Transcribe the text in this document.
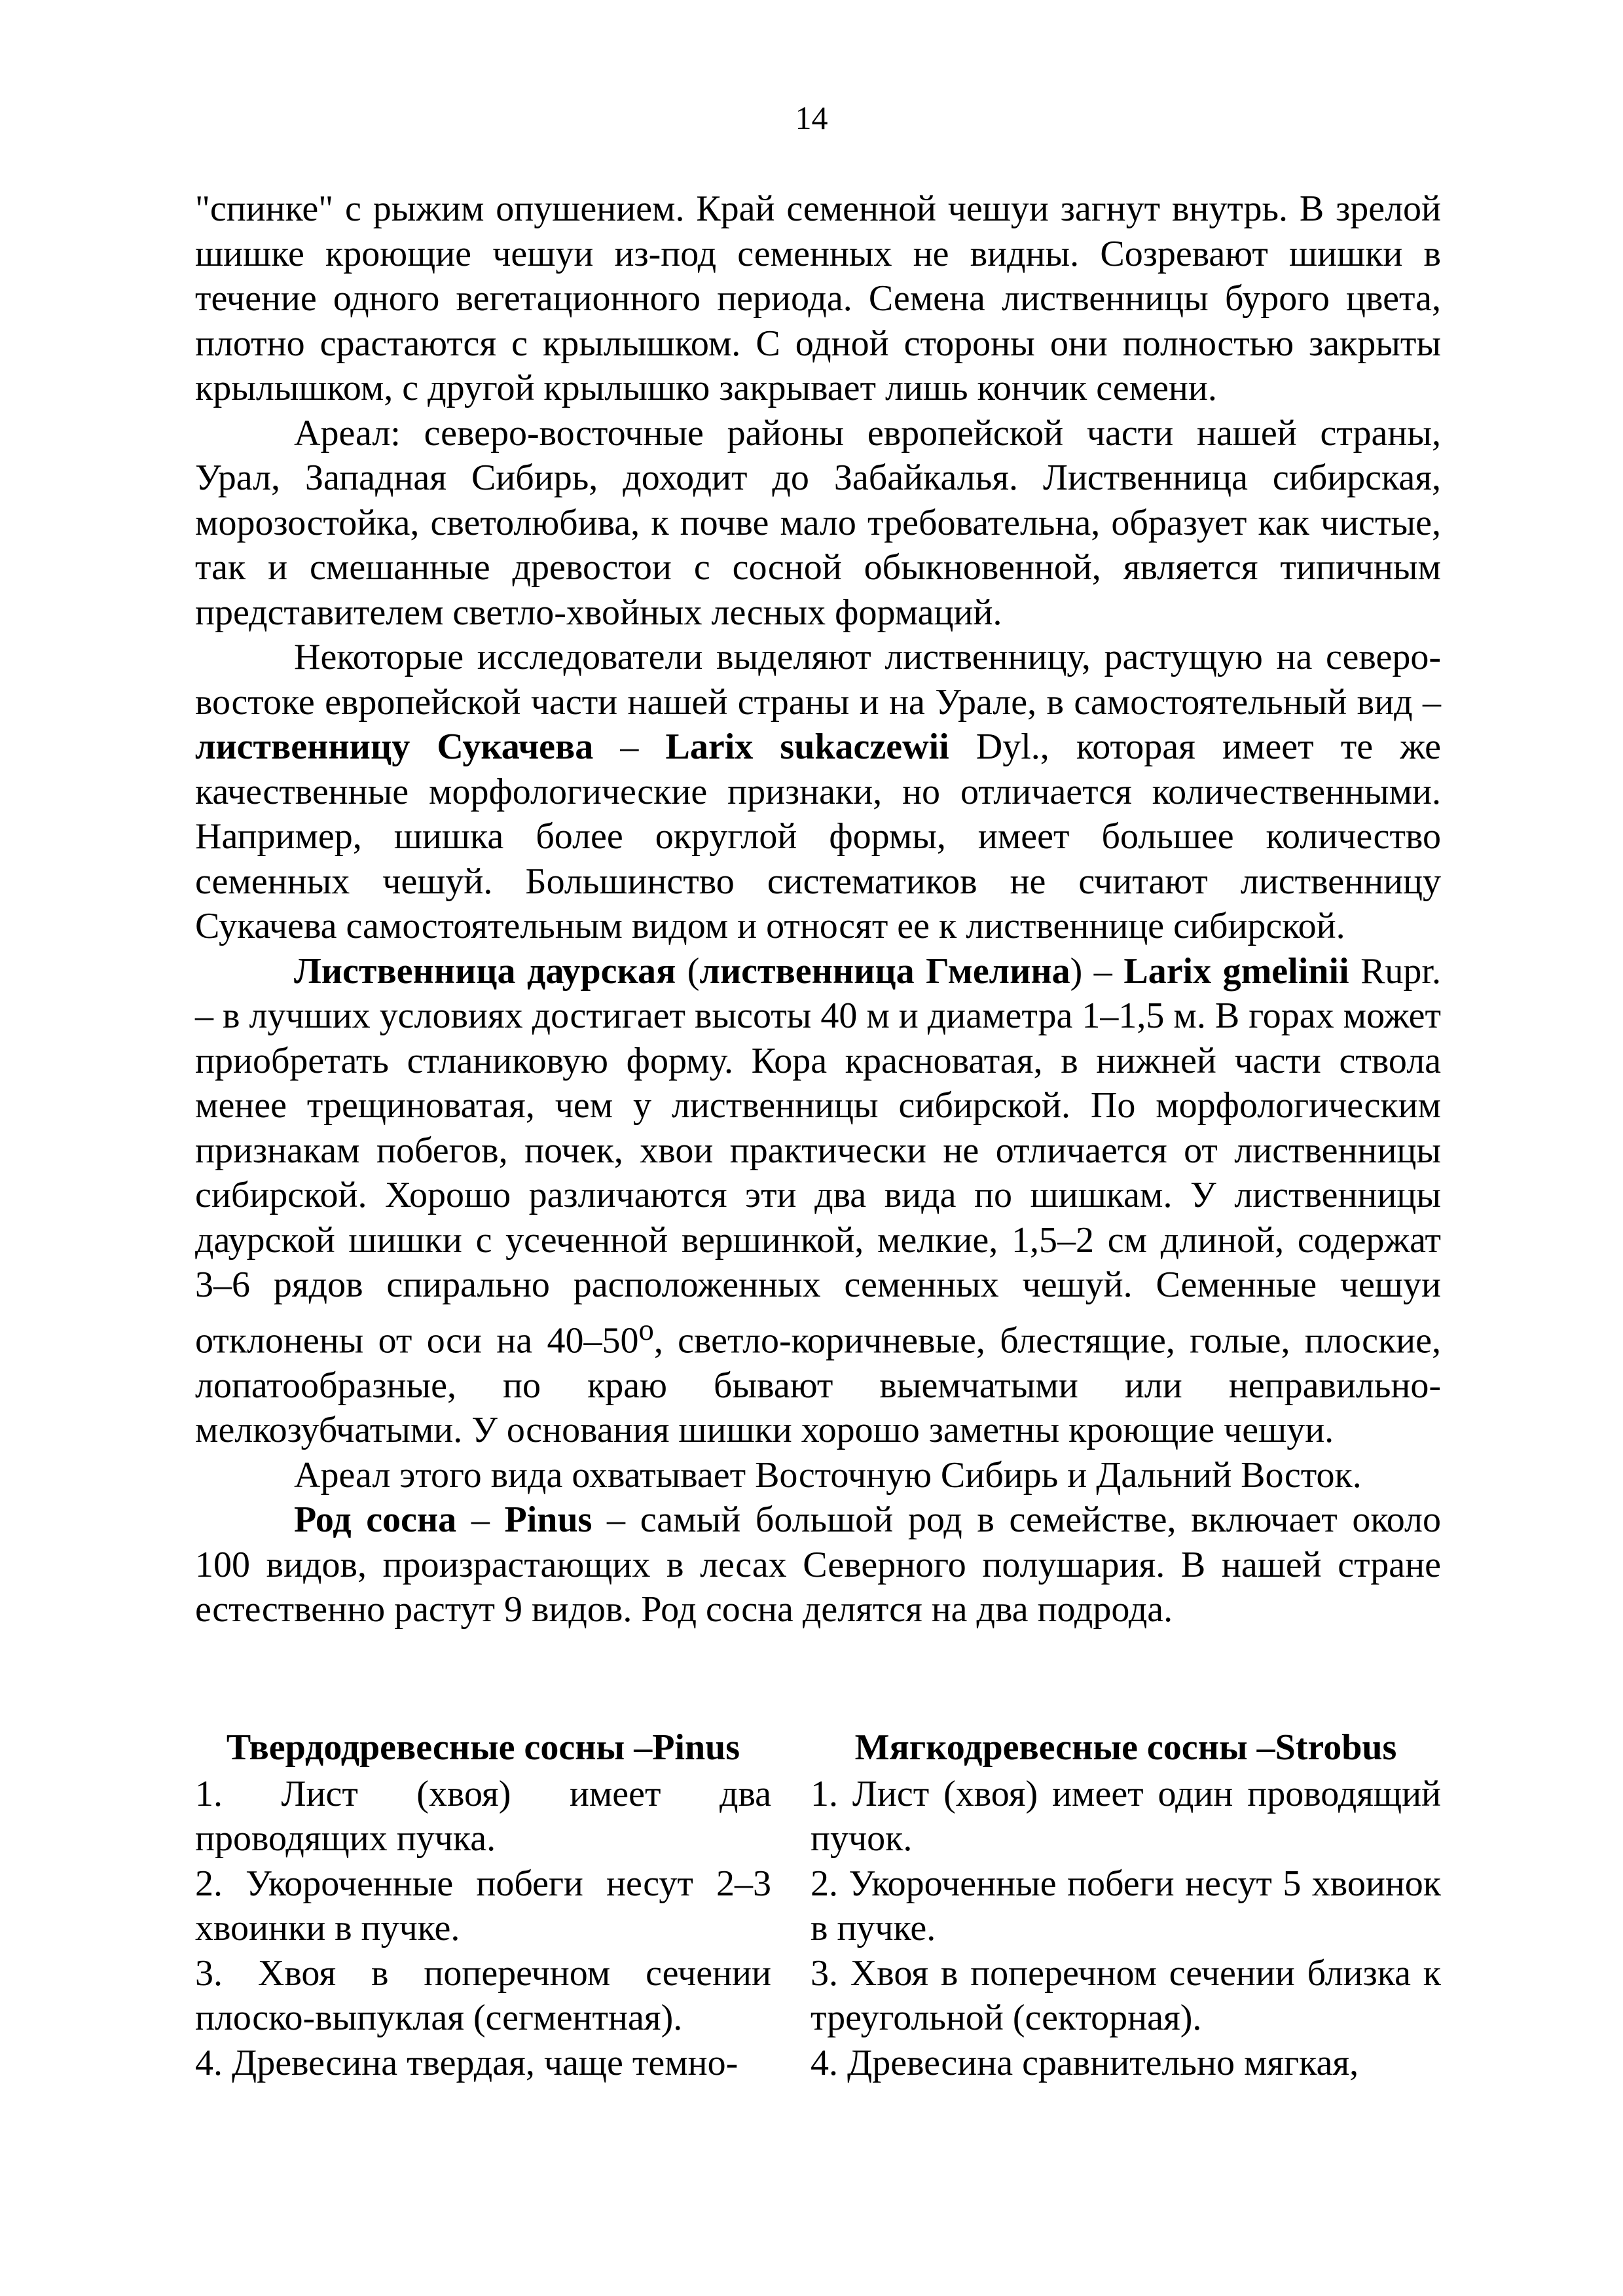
14

"спинке" с рыжим опушением. Край семенной чешуи загнут внутрь. В зрелой шишке кроющие чешуи из-под семенных не видны. Созревают шишки в течение одного вегетационного периода. Семена лиственницы бурого цвета, плотно срастаются с крылышком. С одной стороны они полностью закрыты крылышком, с другой крылышко закрывает лишь кончик семени.

Ареал: северо-восточные районы европейской части нашей страны, Урал, Западная Сибирь, доходит до Забайкалья. Лиственница сибирская, морозостойка, светолюбива, к почве мало требовательна, образует как чистые, так и смешанные древостои с сосной обыкновенной, является типичным представителем светло-хвойных лесных формаций.

Некоторые исследователи выделяют лиственницу, растущую на северо-востоке европейской части нашей страны и на Урале, в самостоятельный вид – лиственницу Сукачева – Larix sukaczewii Dyl., которая имеет те же качественные морфологические признаки, но отличается количественными. Например, шишка более округлой формы, имеет большее количество семенных чешуй. Большинство систематиков не считают лиственницу Сукачева самостоятельным видом и относят ее к лиственнице сибирской.

Лиственница даурская (лиственница Гмелина) – Larix gmelinii Rupr. – в лучших условиях достигает высоты 40 м и диаметра 1–1,5 м. В горах может приобретать стланиковую форму. Кора красноватая, в нижней части ствола менее трещиноватая, чем у лиственницы сибирской. По морфологическим признакам побегов, почек, хвои практически не отличается от лиственницы сибирской. Хорошо различаются эти два вида по шишкам. У лиственницы даурской шишки с усеченной вершинкой, мелкие, 1,5–2 см длиной, содержат 3–6 рядов спирально расположенных семенных чешуй. Семенные чешуи отклонены от оси на 40–50$^o$, светло-коричневые, блестящие, голые, плоские, лопатообразные, по краю бывают выемчатыми или неправильно-мелкозубчатыми. У основания шишки хорошо заметны кроющие чешуи.

Ареал этого вида охватывает Восточную Сибирь и Дальний Восток.

Род сосна – Pinus – самый большой род в семействе, включает около 100 видов, произрастающих в лесах Северного полушария. В нашей стране естественно растут 9 видов. Род сосна делятся на два подрода.

Твердодревесные сосны –Pinus

1. Лист (хвоя) имеет два проводящих пучка.

2. Укороченные побеги несут 2–3 хвоинки в пучке.

3. Хвоя в поперечном сечении плоско-выпуклая (сегментная).

4. Древесина твердая, чаще темно-

Мягкодревесные сосны –Strobus

1. Лист (хвоя) имеет один проводящий пучок.

2. Укороченные побеги несут 5 хвоинок в пучке.

3. Хвоя в поперечном сечении близка к треугольной (секторная).

4. Древесина сравнительно мягкая,
